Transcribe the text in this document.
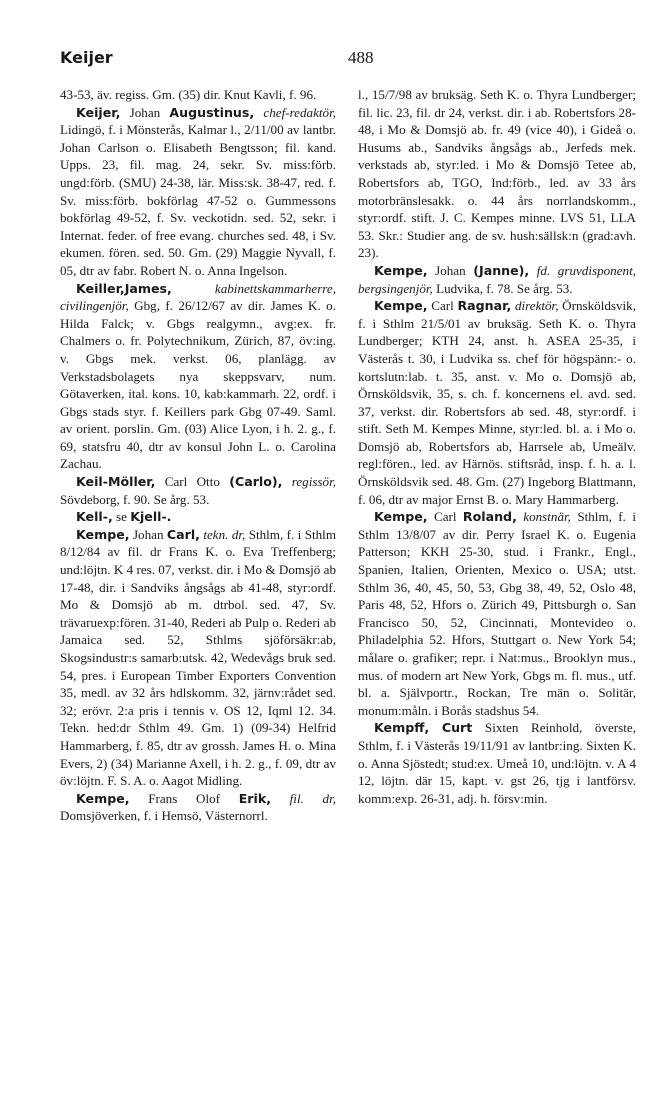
Keijer	488

43-53, äv. regiss. Gm. (35) dir. Knut Kavli, f. 96.

Keijer, Johan Augustinus, chef-redaktör, Lidingö, f. i Mönsterås, Kalmar l., 2/11/00 av lantbr. Johan Carlson o. Elisabeth Bengtsson; fil. kand. Upps. 23, fil. mag. 24, sekr. Sv. miss:förb. ungd:förb. (SMU) 24-38, lär. Miss:sk. 38-47, red. f. Sv. miss:förb. bokförlag 47-52 o. Gummessons bokförlag 49-52, f. Sv. veckotidn. sed. 52, sekr. i Internat. feder. of free evang. churches sed. 48, i Sv. ekumen. fören. sed. 50. Gm. (29) Maggie Nyvall, f. 05, dtr av fabr. Robert N. o. Anna Ingelson.

Keiller,James, kabinettskammarherre, civilingenjör, Gbg, f. 26/12/67 av dir. James K. o. Hilda Falck; v. Gbgs realgymn., avg:ex. fr. Chalmers o. fr. Polytechnikum, Zürich, 87, öv:ing. v. Gbgs mek. verkst. 06, planlägg. av Verkstadsbolagets nya skeppsvarv, num. Götaverken, ital. kons. 10, kab:kammarh. 22, ordf. i Gbgs stads styr. f. Keillers park Gbg 07-49. Saml. av orient. porslin. Gm. (03) Alice Lyon, i h. 2. g., f. 69, statsfru 40, dtr av konsul John L. o. Carolina Zachau.

Keil-Möller, Carl Otto (Carlo), regissör, Sövdeborg, f. 90. Se årg. 53.

Kell-, se Kjell-.

Kempe, Johan Carl, tekn. dr, Sthlm, f. i Sthlm 8/12/84 av fil. dr Frans K. o. Eva Treffenberg; und:löjtn. K 4 res. 07, verkst. dir. i Mo & Domsjö ab 17-48, dir. i Sandviks ångsågs ab 41-48, styr:ordf. Mo & Domsjö ab m. dtrbol. sed. 47, Sv. trävaruexp:fören. 31-40, Rederi ab Pulp o. Rederi ab Jamaica sed. 52, Sthlms sjöförsäkr:ab, Skogsindustr:s samarb:utsk. 42, Wedevågs bruk sed. 54, pres. i European Timber Exporters Convention 35, medl. av 32 års hdlskomm. 32, järnv:rådet sed. 32; erövr. 2:a pris i tennis v. OS 12, Iqml 12. 34. Tekn. hed:dr Sthlm 49. Gm. 1) (09-34) Helfrid Hammarberg, f. 85, dtr av grossh. James H. o. Mina Evers, 2) (34) Marianne Axell, i h. 2. g., f. 09, dtr av öv:löjtn. F. S. A. o. Aagot Midling.

Kempe, Frans Olof Erik, fil. dr, Domsjöverken, f. i Hemsö, Västernorrl.

l., 15/7/98 av bruksäg. Seth K. o. Thyra Lundberger; fil. lic. 23, fil. dr 24, verkst. dir. i ab. Robertsfors 28-48, i Mo & Domsjö ab. fr. 49 (vice 40), i Gideå o. Husums ab., Sandviks ångsågs ab., Jerfeds mek. verkstads ab, styr:led. i Mo & Domsjö Tetee ab, Robertsfors ab, TGO, Ind:förb., led. av 33 års motorbränslesakk. o. 44 års norrlandskomm., styr:ordf. stift. J. C. Kempes minne. LVS 51, LLA 53. Skr.: Studier ang. de sv. hush:sällsk:n (grad:avh. 23).

Kempe, Johan (Janne), fd. gruvdisponent, bergsingenjör, Ludvika, f. 78. Se årg. 53.

Kempe, Carl Ragnar, direktör, Örnsköldsvik, f. i Sthlm 21/5/01 av bruksäg. Seth K. o. Thyra Lundberger; KTH 24, anst. h. ASEA 25-35, i Västerås t. 30, i Ludvika ss. chef för högspänn:- o. kortslutn:lab. t. 35, anst. v. Mo o. Domsjö ab, Örnsköldsvik, 35, s. ch. f. koncernens el. avd. sed. 37, verkst. dir. Robertsfors ab sed. 48, styr:ordf. i stift. Seth M. Kempes Minne, styr:led. bl. a. i Mo o. Domsjö ab, Robertsfors ab, Harrsele ab, Umeälv. regl:fören., led. av Härnös. stiftsråd, insp. f. h. a. l. Örnsköldsvik sed. 48. Gm. (27) Ingeborg Blattmann, f. 06, dtr av major Ernst B. o. Mary Hammarberg.

Kempe, Carl Roland, konstnär, Sthlm, f. i Sthlm 13/8/07 av dir. Perry Israel K. o. Eugenia Patterson; KKH 25-30, stud. i Frankr., Engl., Spanien, Italien, Orienten, Mexico o. USA; utst. Sthlm 36, 40, 45, 50, 53, Gbg 38, 49, 52, Oslo 48, Paris 48, 52, Hfors o. Zürich 49, Pittsburgh o. San Francisco 50, 52, Cincinnati, Montevideo o. Philadelphia 52. Hfors, Stuttgart o. New York 54; målare o. grafiker; repr. i Nat:mus., Brooklyn mus., mus. of modern art New York, Gbgs m. fl. mus., utf. bl. a. Självportr., Rockan, Tre män o. Solitär, monum:måln. i Borås stadshus 54.

Kempff, Curt Sixten Reinhold, överste, Sthlm, f. i Västerås 19/11/91 av lantbr:ing. Sixten K. o. Anna Sjöstedt; stud:ex. Umeå 10, und:löjtn. v. A 4 12, löjtn. där 15, kapt. v. gst 26, tjg i lantförsv. komm:exp. 26-31, adj. h. försv:min.
